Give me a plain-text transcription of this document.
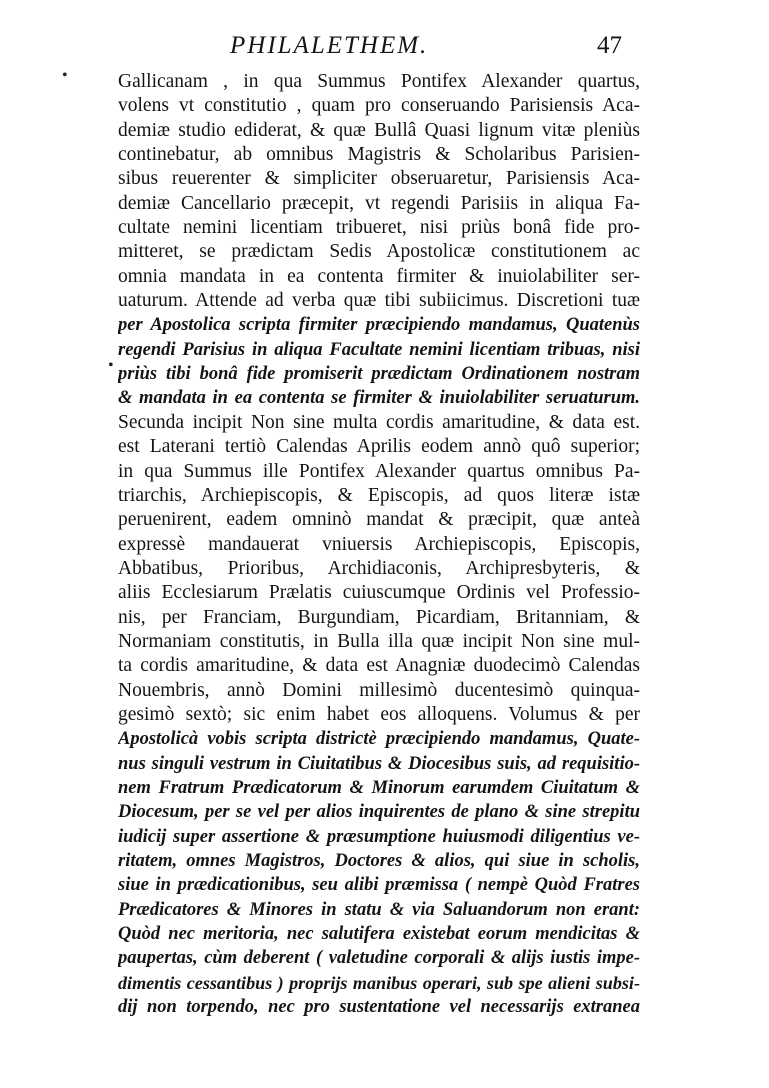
PHILALETHEM.	47
•
•
Gallicanam , in qua Summus Pontifex Alexander quartus,
volens vt constitutio , quam pro conseruando Parisiensis Aca-
demiæ studio ediderat, & quæ Bullâ Quasi lignum vitæ pleniùs
continebatur, ab omnibus Magistris & Scholaribus Parisien-
sibus reuerenter & simpliciter obseruaretur, Parisiensis Aca-
demiæ Cancellario præcepit, vt regendi Parisiis in aliqua Fa-
cultate nemini licentiam tribueret, nisi priùs bonâ fide pro-
mitteret, se prædictam Sedis Apostolicæ constitutionem ac
omnia mandata in ea contenta firmiter & inuiolabiliter ser-
uaturum. Attende ad verba quæ tibi subiicimus. Discretioni tuæ
per Apostolica scripta firmiter præcipiendo mandamus, Quatenùs
regendi Parisius in aliqua Facultate nemini licentiam tribuas, nisi
priùs tibi bonâ fide promiserit prædictam Ordinationem nostram
& mandata in ea contenta se firmiter & inuiolabiliter seruaturum.
Secunda incipit Non sine multa cordis amaritudine, & data est.
est Laterani tertiò Calendas Aprilis eodem annò quô superior;
in qua Summus ille Pontifex Alexander quartus omnibus Pa-
triarchis, Archiepiscopis, & Episcopis, ad quos literæ istæ
peruenirent, eadem omninò mandat & præcipit, quæ anteà
expressè mandauerat vniuersis Archiepiscopis, Episcopis,
Abbatibus, Prioribus, Archidiaconis, Archipresbyteris, &
aliis Ecclesiarum Prælatis cuiuscumque Ordinis vel Professio-
nis, per Franciam, Burgundiam, Picardiam, Britanniam, &
Normaniam constitutis, in Bulla illa quæ incipit Non sine mul-
ta cordis amaritudine, & data est Anagniæ duodecimò Calendas
Nouembris, annò Domini millesimò ducentesimò quinqua-
gesimò sextò; sic enim habet eos alloquens. Volumus & per
Apostolicà vobis scripta districtè præcipiendo mandamus, Quate-
nus singuli vestrum in Ciuitatibus & Diocesibus suis, ad requisitio-
nem Fratrum Prædicatorum & Minorum earumdem Ciuitatum &
Diocesum, per se vel per alios inquirentes de plano & sine strepitu
iudicij super assertione & præsumptione huiusmodi diligentius ve-
ritatem, omnes Magistros, Doctores & alios, qui siue in scholis,
siue in prædicationibus, seu alibi præmissa ( nempè Quòd Fratres
Prædicatores & Minores in statu & via Saluandorum non erant:
Quòd nec meritoria, nec salutifera existebat eorum mendicitas &
paupertas, cùm deberent ( valetudine corporali & alijs iustis impe-
dimentis cessantibus ) proprijs manibus operari, sub spe alieni subsi-
dij non torpendo, nec pro sustentatione vel necessarijs extranea
